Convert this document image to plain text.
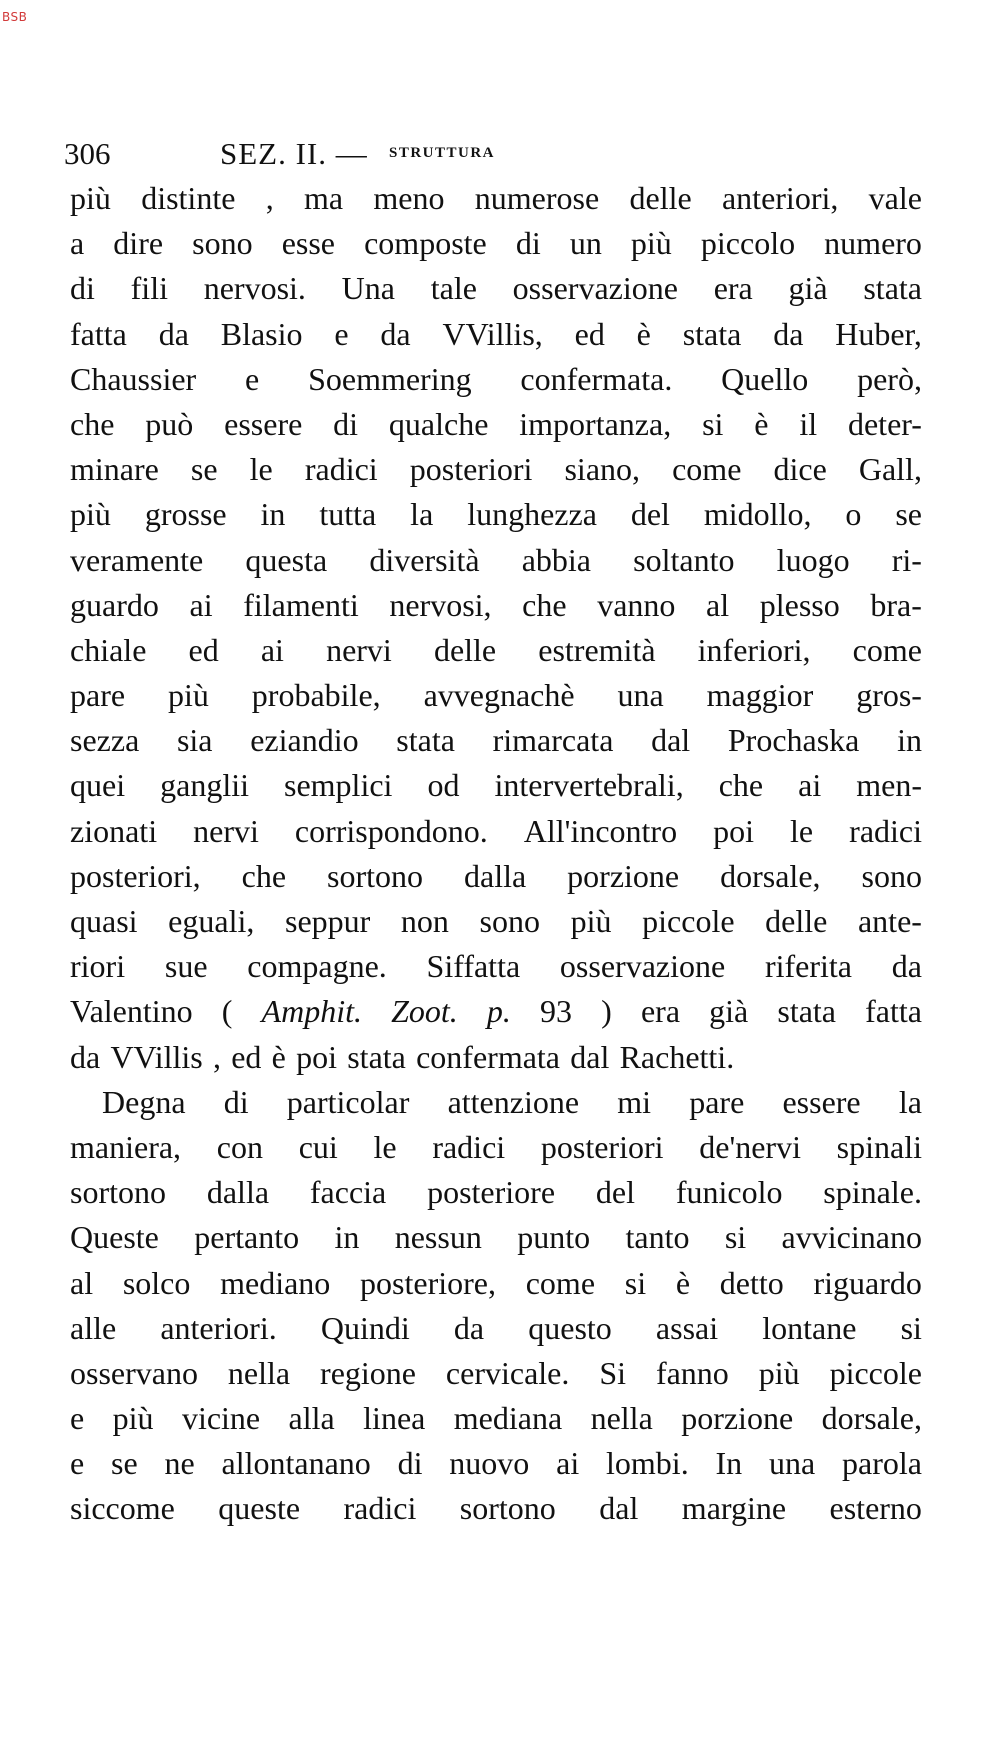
BSB
306	SEZ. II. — STRUTTURA
più distinte , ma meno numerose delle anteriori, vale
a dire sono esse composte di un più piccolo numero
di fili nervosi. Una tale osservazione era già stata
fatta da Blasio e da VVillis, ed è stata da Huber,
Chaussier e Soemmering confermata. Quello però,
che può essere di qualche importanza, si è il deter-
minare se le radici posteriori siano, come dice Gall,
più grosse in tutta la lunghezza del midollo, o se
veramente questa diversità abbia soltanto luogo ri-
guardo ai filamenti nervosi, che vanno al plesso bra-
chiale ed ai nervi delle estremità inferiori, come
pare più probabile, avvegnachè una maggior gros-
sezza sia eziandio stata rimarcata dal Prochaska in
quei ganglii semplici od intervertebrali, che ai men-
zionati nervi corrispondono. All'incontro poi le radici
posteriori, che sortono dalla porzione dorsale, sono
quasi eguali, seppur non sono più piccole delle ante-
riori sue compagne. Siffatta osservazione riferita da
Valentino ( Amphit. Zoot. p. 93 ) era già stata fatta
da VVillis , ed è poi stata confermata dal Rachetti.
Degna di particolar attenzione mi pare essere la
maniera, con cui le radici posteriori de'nervi spinali
sortono dalla faccia posteriore del funicolo spinale.
Queste pertanto in nessun punto tanto si avvicinano
al solco mediano posteriore, come si è detto riguardo
alle anteriori. Quindi da questo assai lontane si
osservano nella regione cervicale. Si fanno più piccole
e più vicine alla linea mediana nella porzione dorsale,
e se ne allontanano di nuovo ai lombi. In una parola
siccome queste radici sortono dal margine esterno
